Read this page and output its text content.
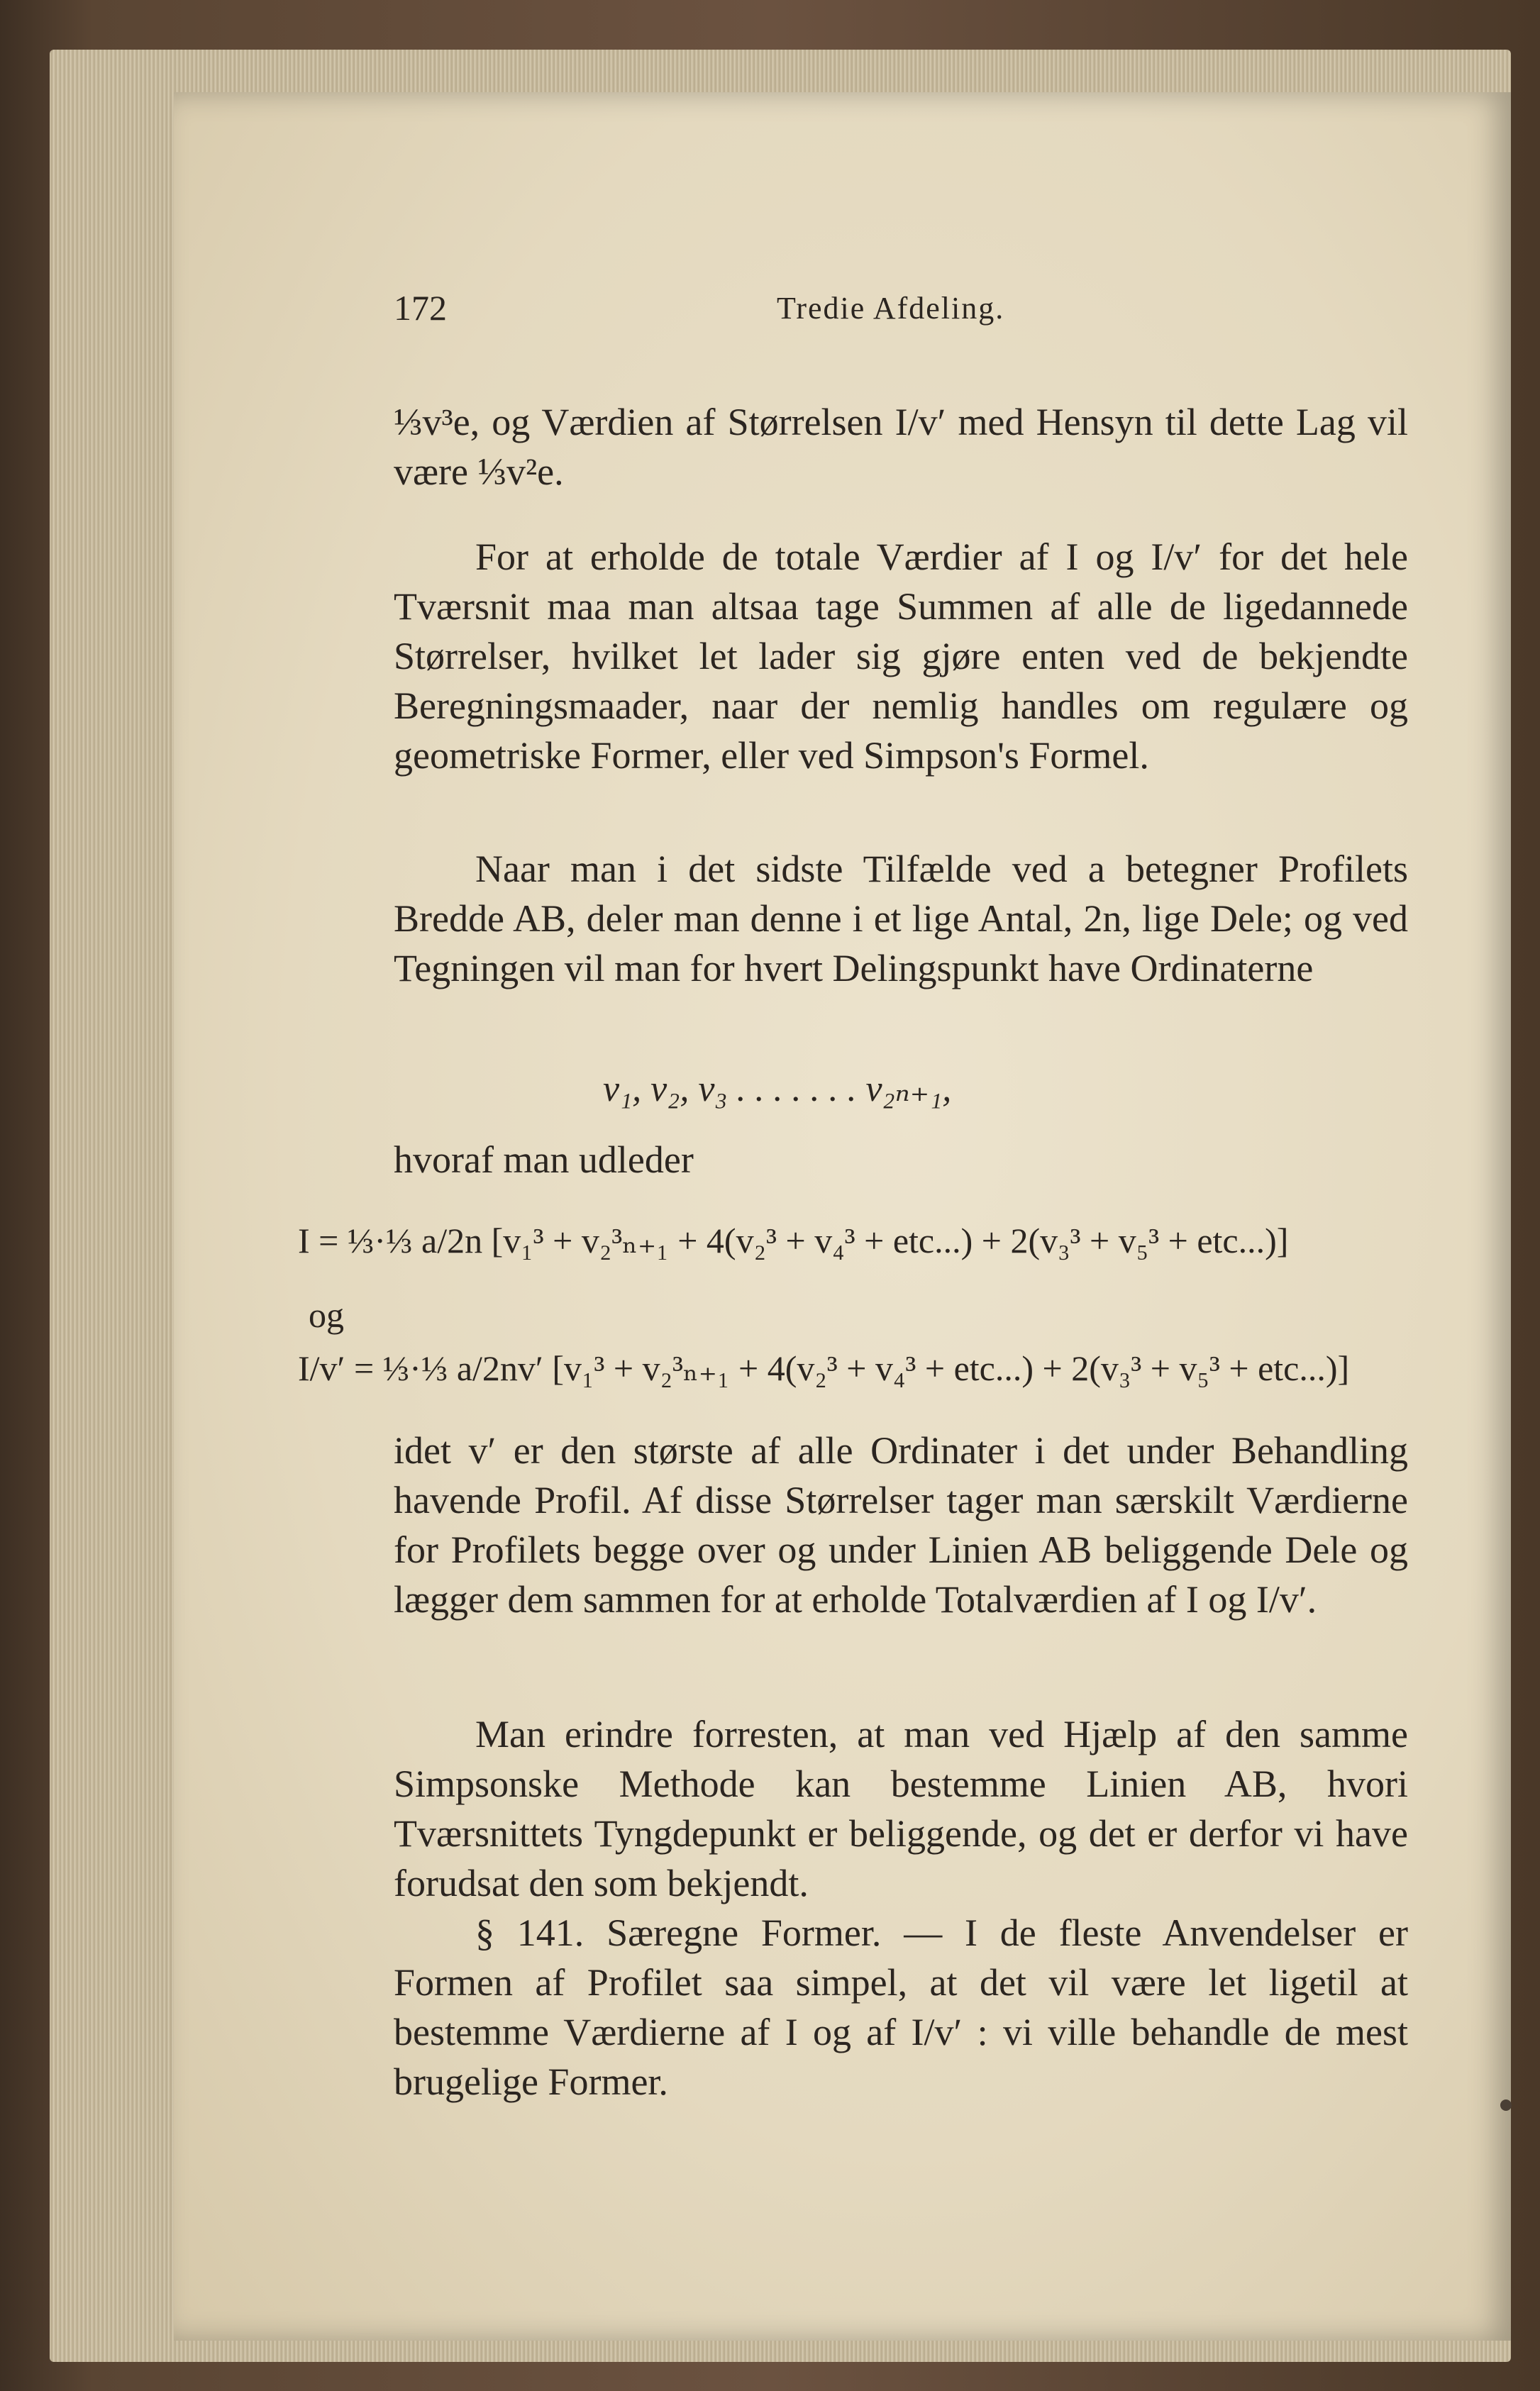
172	Tredie Afdeling.

⅓v³e, og Værdien af Størrelsen I/v′ med Hensyn til dette Lag vil være ⅓v²e.

For at erholde de totale Værdier af I og I/v′ for det hele Tværsnit maa man altsaa tage Summen af alle de ligedannede Størrelser, hvilket let lader sig gjøre enten ved de bekjendte Beregningsmaader, naar der nemlig handles om regulære og geometriske Former, eller ved Simpson's Formel.

Naar man i det sidste Tilfælde ved a betegner Profilets Bredde AB, deler man denne i et lige Antal, 2n, lige Dele; og ved Tegningen vil man for hvert Delingspunkt have Ordinaterne

v₁, v₂, v₃ . . . . . . . v₂ₙ₊₁,

hvoraf man udleder

I = ⅓·⅓ a/2n [v₁³ + v₂³ₙ₊₁ + 4(v₂³ + v₄³ + etc...) + 2(v₃³ + v₅³ + etc...)]
og
I/v′ = ⅓·⅓ a/2nv′ [v₁³ + v₂³ₙ₊₁ + 4(v₂³ + v₄³ + etc...) + 2(v₃³ + v₅³ + etc...)]

idet v′ er den største af alle Ordinater i det under Behandling havende Profil. Af disse Størrelser tager man særskilt Værdierne for Profilets begge over og under Linien AB beliggende Dele og lægger dem sammen for at erholde Totalværdien af I og I/v′.

Man erindre forresten, at man ved Hjælp af den samme Simpsonske Methode kan bestemme Linien AB, hvori Tværsnittets Tyngdepunkt er beliggende, og det er derfor vi have forudsat den som bekjendt.

§ 141. Særegne Former. — I de fleste Anvendelser er Formen af Profilet saa simpel, at det vil være let ligetil at bestemme Værdierne af I og af I/v′ : vi ville behandle de mest brugelige Former.
